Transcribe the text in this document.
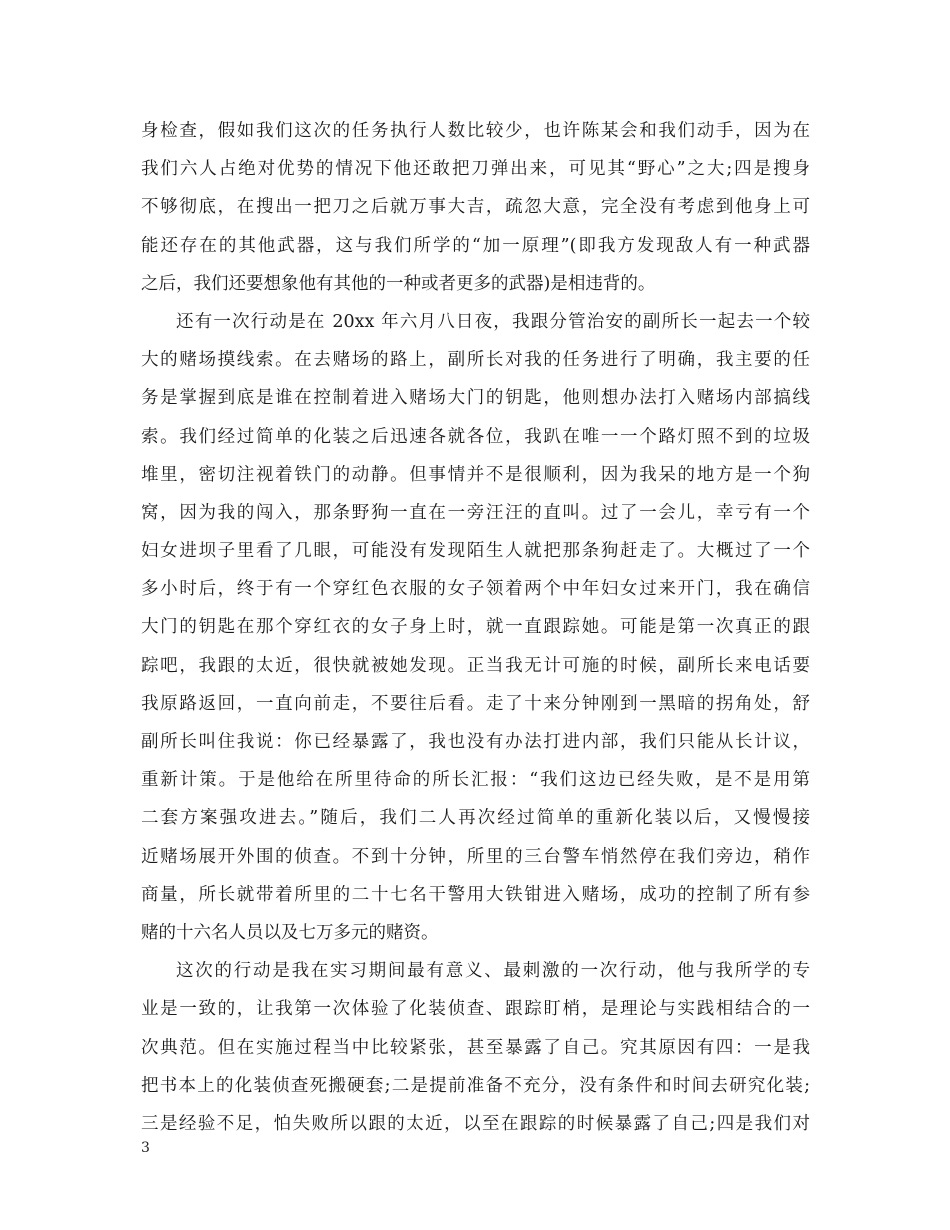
身检查，假如我们这次的任务执行人数比较少，也许陈某会和我们动手，因为在
我们六人占绝对优势的情况下他还敢把刀弹出来，可见其“野心”之大;四是搜身
不够彻底，在搜出一把刀之后就万事大吉，疏忽大意，完全没有考虑到他身上可
能还存在的其他武器，这与我们所学的“加一原理”(即我方发现敌人有一种武器
之后，我们还要想象他有其他的一种或者更多的武器)是相违背的。
还有一次行动是在 20xx 年六月八日夜，我跟分管治安的副所长一起去一个较
大的赌场摸线索。在去赌场的路上，副所长对我的任务进行了明确，我主要的任
务是掌握到底是谁在控制着进入赌场大门的钥匙，他则想办法打入赌场内部搞线
索。我们经过简单的化装之后迅速各就各位，我趴在唯一一个路灯照不到的垃圾
堆里，密切注视着铁门的动静。但事情并不是很顺利，因为我呆的地方是一个狗
窝，因为我的闯入，那条野狗一直在一旁汪汪的直叫。过了一会儿，幸亏有一个
妇女进坝子里看了几眼，可能没有发现陌生人就把那条狗赶走了。大概过了一个
多小时后，终于有一个穿红色衣服的女子领着两个中年妇女过来开门，我在确信
大门的钥匙在那个穿红衣的女子身上时，就一直跟踪她。可能是第一次真正的跟
踪吧，我跟的太近，很快就被她发现。正当我无计可施的时候，副所长来电话要
我原路返回，一直向前走，不要往后看。走了十来分钟刚到一黑暗的拐角处，舒
副所长叫住我说：你已经暴露了，我也没有办法打进内部，我们只能从长计议，
重新计策。于是他给在所里待命的所长汇报：“我们这边已经失败，是不是用第
二套方案强攻进去。”随后，我们二人再次经过简单的重新化装以后，又慢慢接
近赌场展开外围的侦查。不到十分钟，所里的三台警车悄然停在我们旁边，稍作
商量，所长就带着所里的二十七名干警用大铁钳进入赌场，成功的控制了所有参
赌的十六名人员以及七万多元的赌资。
这次的行动是我在实习期间最有意义、最刺激的一次行动，他与我所学的专
业是一致的，让我第一次体验了化装侦查、跟踪盯梢，是理论与实践相结合的一
次典范。但在实施过程当中比较紧张，甚至暴露了自己。究其原因有四：一是我
把书本上的化装侦查死搬硬套;二是提前准备不充分，没有条件和时间去研究化装;
三是经验不足，怕失败所以跟的太近，以至在跟踪的时候暴露了自己;四是我们对
3
